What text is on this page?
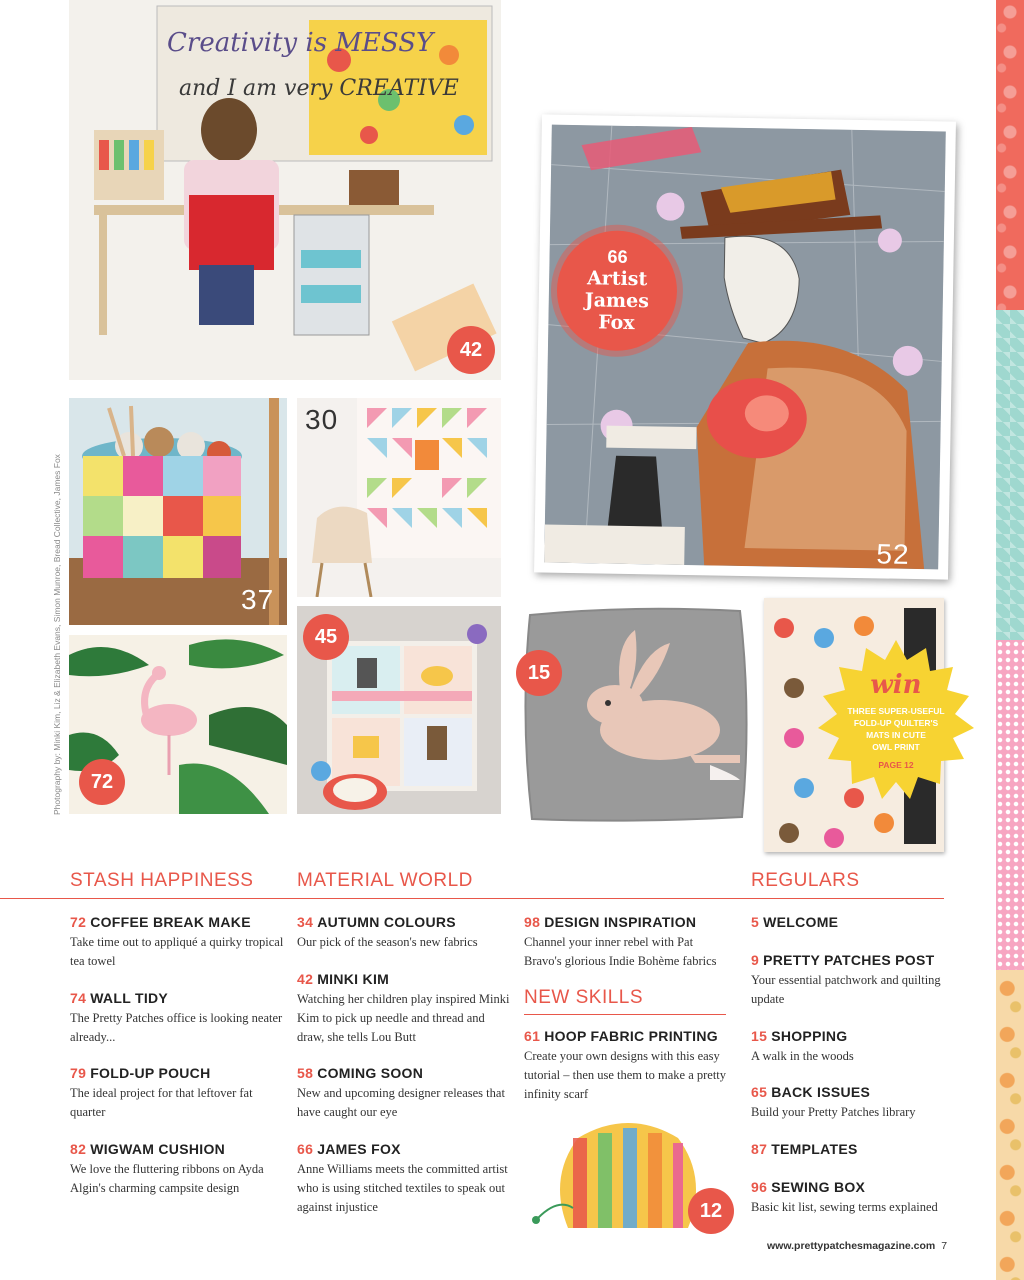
Creativity is MESSY
and I am very CREATIVE
42
37
30
72
45
66
Artist
James
Fox
52
15	win
THREE SUPER-USEFUL
FOLD-UP QUILTER'S
MATS IN CUTE
OWL PRINT
PAGE 12
12
Photography by: Minki Kim, Liz & Elizabeth Evans, Simon Munroe, Bread Collective, James Fox
STASH HAPPINESS MATERIAL WORLD	REGULARS
72 COFFEE BREAK MAKE
Take time out to appliqué a quirky tropical tea towel
74 WALL TIDY
The Pretty Patches office is looking neater already...
79 FOLD-UP POUCH
The ideal project for that leftover fat quarter
82 WIGWAM CUSHION
We love the fluttering ribbons on Ayda Algin's charming campsite design
34 AUTUMN COLOURS
Our pick of the season's new fabrics
42 MINKI KIM
Watching her children play inspired Minki Kim to pick up needle and thread and draw, she tells Lou Butt
58 COMING SOON
New and upcoming designer releases that have caught our eye
66 JAMES FOX
Anne Williams meets the committed artist who is using stitched textiles to speak out against injustice
98 DESIGN INSPIRATION
Channel your inner rebel with Pat Bravo's glorious Indie Bohème fabrics
NEW SKILLS
61 HOOP FABRIC PRINTING
Create your own designs with this easy tutorial – then use them to make a pretty infinity scarf
5 WELCOME
9 PRETTY PATCHES POST
Your essential patchwork and quilting update
15 SHOPPING
A walk in the woods
65 BACK ISSUES
Build your Pretty Patches library
87 TEMPLATES
96 SEWING BOX
Basic kit list, sewing terms explained
www.prettypatchesmagazine.com 7
